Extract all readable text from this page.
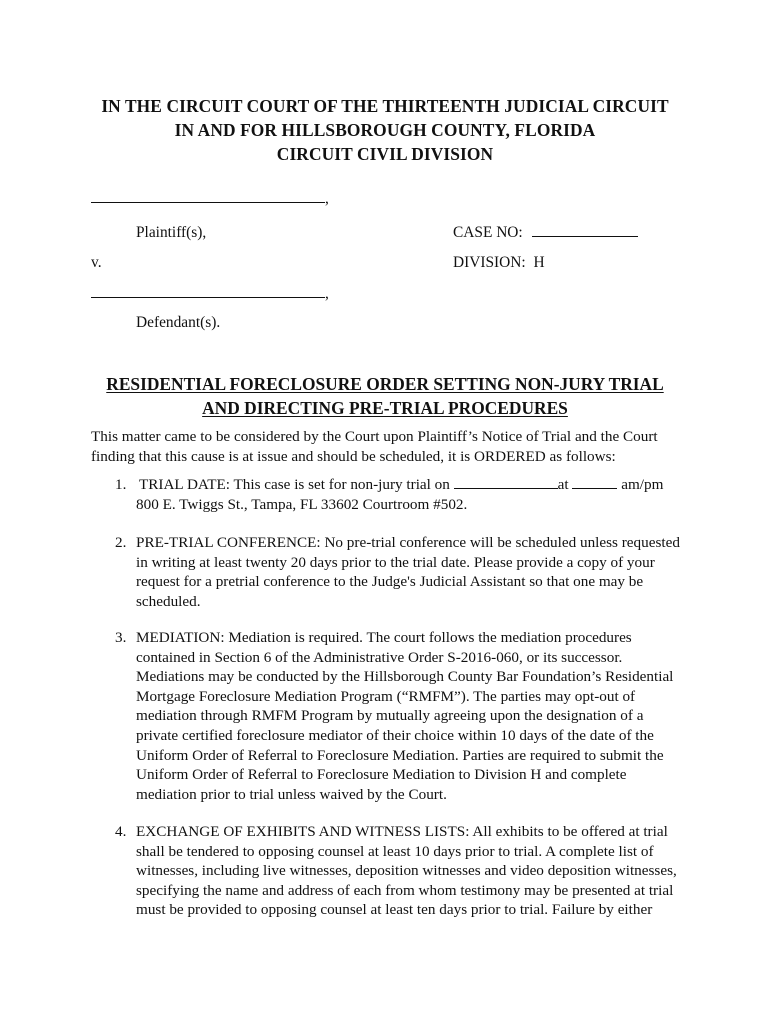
IN THE CIRCUIT COURT OF THE THIRTEENTH JUDICIAL CIRCUIT
IN AND FOR HILLSBOROUGH COUNTY, FLORIDA
CIRCUIT CIVIL DIVISION
,
Plaintiff(s),	CASE NO:
v.	DIVISION: H
,
Defendant(s).
RESIDENTIAL FORECLOSURE ORDER SETTING NON-JURY TRIAL
AND DIRECTING PRE-TRIAL PROCEDURES
This matter came to be considered by the Court upon Plaintiff’s Notice of Trial and the Court
finding that this cause is at issue and should be scheduled, it is ORDERED as follows:
1. TRIAL DATE: This case is set for non-jury trial on	at	am/pm
800 E. Twiggs St., Tampa, FL 33602 Courtroom #502.
2. PRE-TRIAL CONFERENCE: No pre-trial conference will be scheduled unless requested
in writing at least twenty 20 days prior to the trial date. Please provide a copy of your
request for a pretrial conference to the Judge's Judicial Assistant so that one may be
scheduled.
3. MEDIATION: Mediation is required. The court follows the mediation procedures
contained in Section 6 of the Administrative Order S-2016-060, or its successor.
Mediations may be conducted by the Hillsborough County Bar Foundation’s Residential
Mortgage Foreclosure Mediation Program (“RMFM”). The parties may opt-out of
mediation through RMFM Program by mutually agreeing upon the designation of a
private certified foreclosure mediator of their choice within 10 days of the date of the
Uniform Order of Referral to Foreclosure Mediation. Parties are required to submit the
Uniform Order of Referral to Foreclosure Mediation to Division H and complete
mediation prior to trial unless waived by the Court.
4. EXCHANGE OF EXHIBITS AND WITNESS LISTS: All exhibits to be offered at trial
shall be tendered to opposing counsel at least 10 days prior to trial. A complete list of
witnesses, including live witnesses, deposition witnesses and video deposition witnesses,
specifying the name and address of each from whom testimony may be presented at trial
must be provided to opposing counsel at least ten days prior to trial. Failure by either
